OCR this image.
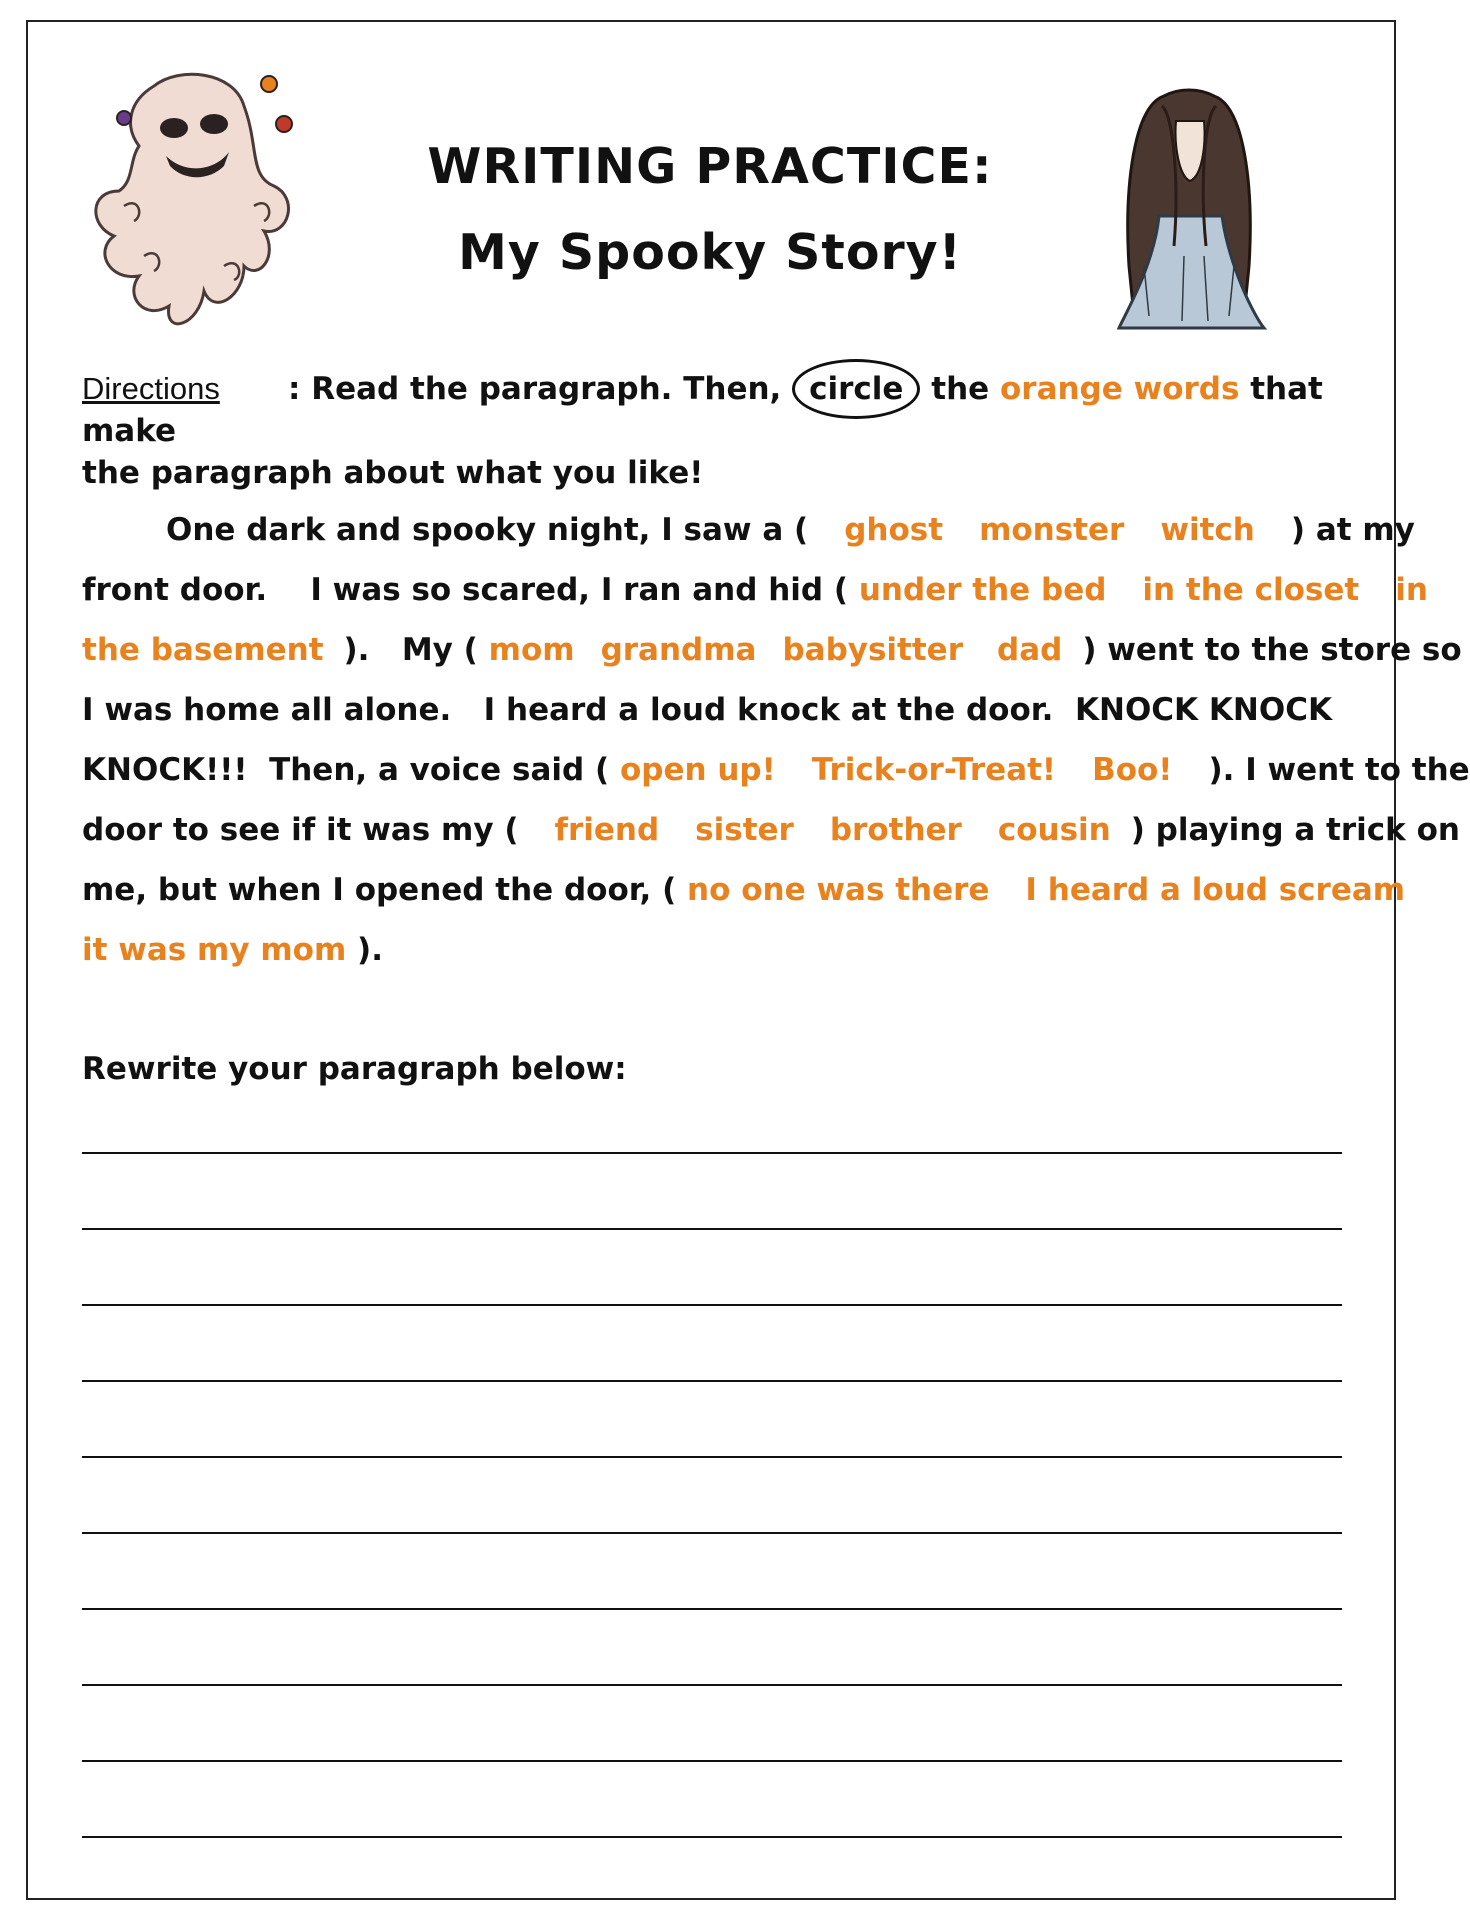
WRITING PRACTICE:
My Spooky Story!
Directions : Read the paragraph. Then, circle the orange words that make
the paragraph about what you like!
One dark and spooky night, I saw a ( ghost monster witch ) at my
front door.    I was so scared, I ran and hid ( under the bed in the closet in
the basement ).   My ( mom grandma babysitter dad ) went to the store so
I was home all alone.   I heard a loud knock at the door.  KNOCK KNOCK
KNOCK!!!  Then, a voice said ( open up! Trick-or-Treat! Boo! ). I went to the
door to see if it was my ( friend sister brother cousin ) playing a trick on
me, but when I opened the door, ( no one was there I heard a loud scream
it was my mom ).
Rewrite your paragraph below:
